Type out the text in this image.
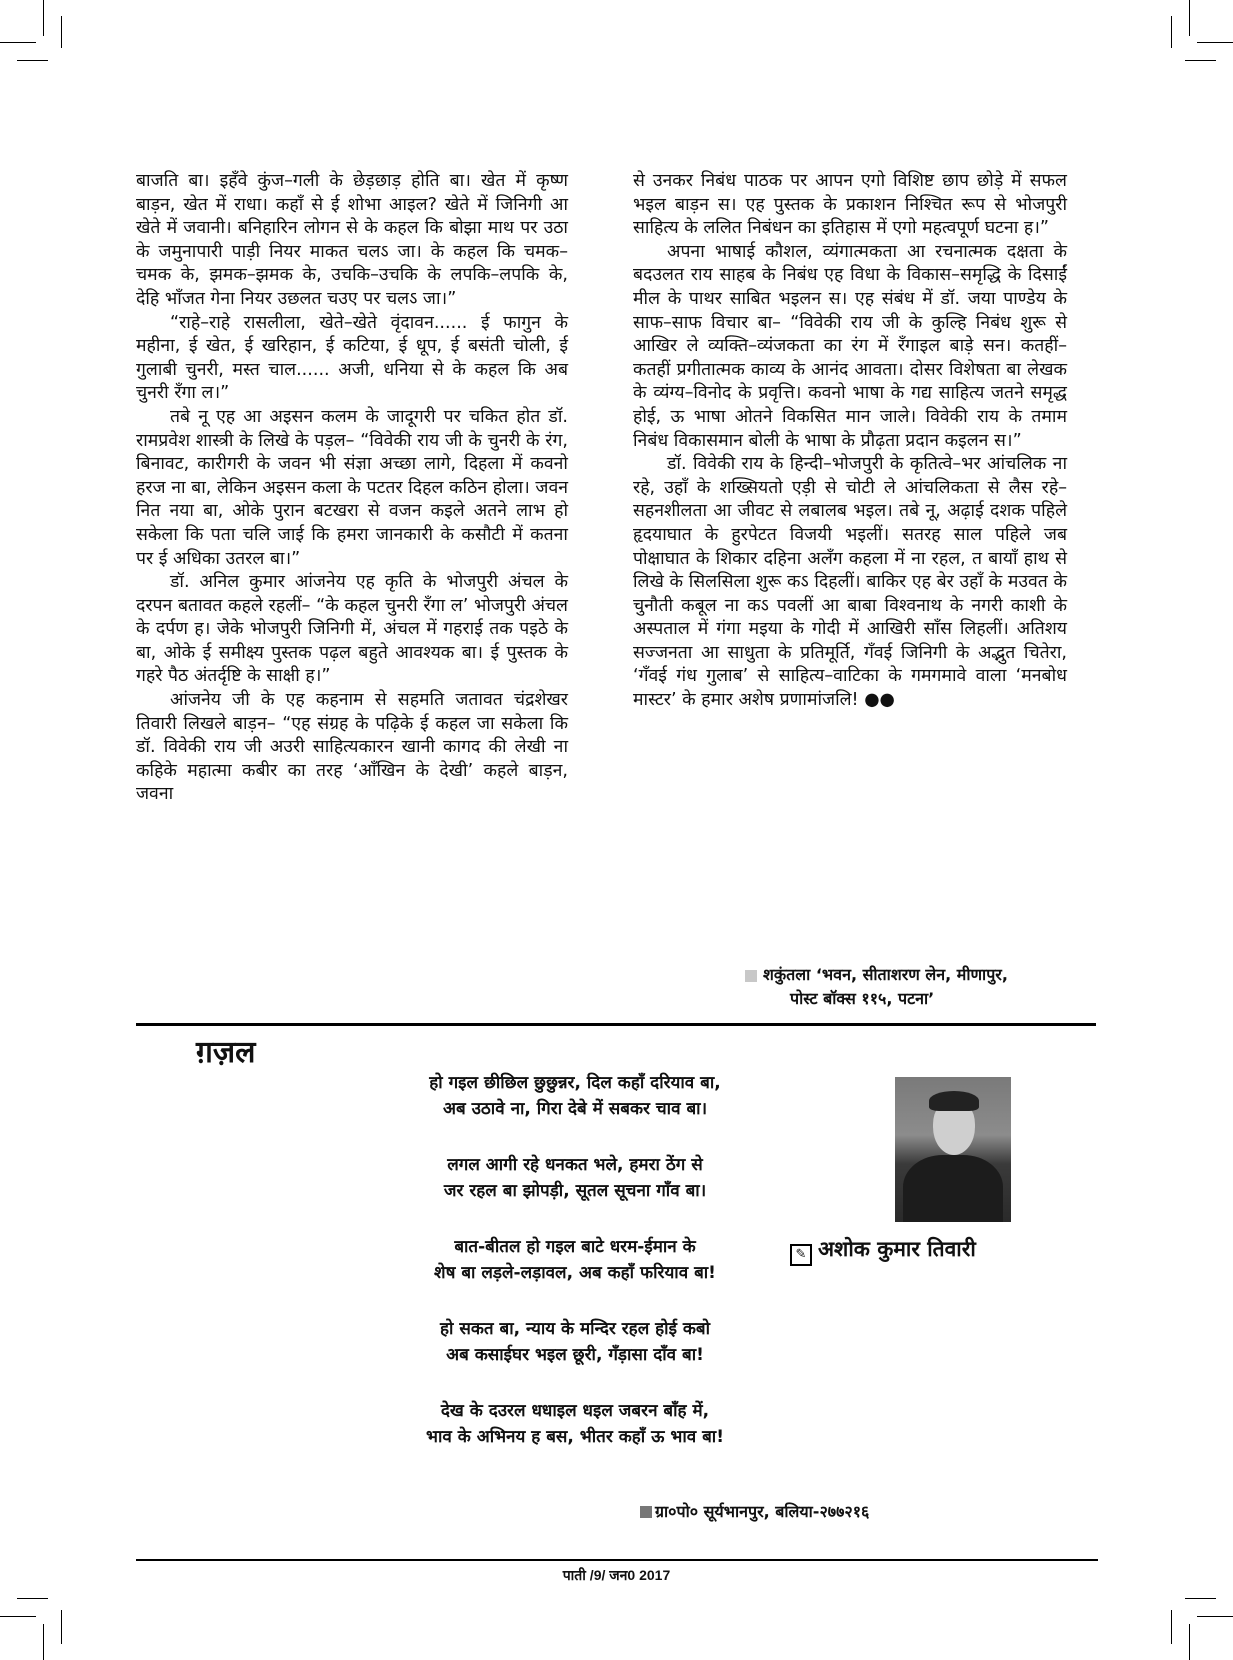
बाजति बा। इहँवे कुंज–गली के छेड़छाड़ होति बा। खेत में कृष्ण बाड़न, खेत में राधा। कहाँ से ई शोभा आइल? खेते में जिनिगी आ खेते में जवानी। बनिहारिन लोगन से के कहल कि बोझा माथ पर उठा के जमुनापारी पाड़ी नियर माकत चलऽ जा। के कहल कि चमक–चमक के, झमक–झमक के, उचकि–उचकि के लपकि–लपकि के, देहि भाँजत गेना नियर उछलत चउए पर चलऽ जा।”

“राहे–राहे रासलीला, खेते–खेते वृंदावन...... ई फागुन के महीना, ई खेत, ई खरिहान, ई कटिया, ई धूप, ई बसंती चोली, ई गुलाबी चुनरी, मस्त चाल...... अजी, धनिया से के कहल कि अब चुनरी रँगा ल।”

तबे नू एह आ अइसन कलम के जादूगरी पर चकित होत डॉ. रामप्रवेश शास्त्री के लिखे के पड़ल– “विवेकी राय जी के चुनरी के रंग, बिनावट, कारीगरी के जवन भी संज्ञा अच्छा लागे, दिहला में कवनो हरज ना बा, लेकिन अइसन कला के पटतर दिहल कठिन होला। जवन नित नया बा, ओके पुरान बटखरा से वजन कइले अतने लाभ हो सकेला कि पता चलि जाई कि हमरा जानकारी के कसौटी में कतना पर ई अधिका उतरल बा।”

डॉ. अनिल कुमार आंजनेय एह कृति के भोजपुरी अंचल के दरपन बतावत कहले रहलीं– “के कहल चुनरी रँगा ल’ भोजपुरी अंचल के दर्पण ह। जेके भोजपुरी जिनिगी में, अंचल में गहराई तक पइठे के बा, ओके ई समीक्ष्य पुस्तक पढ़ल बहुते आवश्यक बा। ई पुस्तक के गहरे पैठ अंतर्दृष्टि के साक्षी ह।”

आंजनेय जी के एह कहनाम से सहमति जतावत चंद्रशेखर तिवारी लिखले बाड़न– “एह संग्रह के पढ़िके ई कहल जा सकेला कि डॉ. विवेकी राय जी अउरी साहित्यकारन खानी कागद की लेखी ना कहिके महात्मा कबीर का तरह ‘आँखिन के देखी’ कहले बाड़न, जवना

से उनकर निबंध पाठक पर आपन एगो विशिष्ट छाप छोड़े में सफल भइल बाड़न स। एह पुस्तक के प्रकाशन निश्चित रूप से भोजपुरी साहित्य के ललित निबंधन का इतिहास में एगो महत्वपूर्ण घटना ह।”

अपना भाषाई कौशल, व्यंगात्मकता आ रचनात्मक दक्षता के बदउलत राय साहब के निबंध एह विधा के विकास–समृद्धि के दिसाईं मील के पाथर साबित भइलन स। एह संबंध में डॉ. जया पाण्डेय के साफ–साफ विचार बा– “विवेकी राय जी के कुल्हि निबंध शुरू से आखिर ले व्यक्ति–व्यंजकता का रंग में रँगाइल बाड़े सन। कतहीं–कतहीं प्रगीतात्मक काव्य के आनंद आवता। दोसर विशेषता बा लेखक के व्यंग्य–विनोद के प्रवृत्ति। कवनो भाषा के गद्य साहित्य जतने समृद्ध होई, ऊ भाषा ओतने विकसित मान जाले। विवेकी राय के तमाम निबंध विकासमान बोली के भाषा के प्रौढ़ता प्रदान कइलन स।”

डॉ. विवेकी राय के हिन्दी–भोजपुरी के कृतित्वे–भर आंचलिक ना रहे, उहाँ के शख्सियतो एड़ी से चोटी ले आंचलिकता से लैस रहे– सहनशीलता आ जीवट से लबालब भइल। तबे नू, अढ़ाई दशक पहिले हृदयाघात के हुरपेटत विजयी भइलीं। सतरह साल पहिले जब पोक्षाघात के शिकार दहिना अलँग कहला में ना रहल, त बायाँ हाथ से लिखे के सिलसिला शुरू कऽ दिहलीं। बाकिर एह बेर उहाँ के मउवत के चुनौती कबूल ना कऽ पवलीं आ बाबा विश्वनाथ के नगरी काशी के अस्पताल में गंगा मइया के गोदी में आखिरी साँस लिहलीं। अतिशय सज्जनता आ साधुता के प्रतिमूर्ति, गँवई जिनिगी के अद्भुत चितेरा, ‘गँवई गंध गुलाब’ से साहित्य–वाटिका के गमगमावे वाला ‘मनबोध मास्टर’ के हमार अशेष प्रणामांजलि! ●●

शकुंतला ‘भवन, सीताशरण लेन, मीणापुर,
पोस्ट बॉक्स ११५, पटना’
ग़ज़ल
हो गइल छीछिल छुछुन्नर, दिल कहाँ दरियाव बा,
अब उठावे ना, गिरा देबे में सबकर चाव बा।
लगल आगी रहे धनकत भले, हमरा ठेंग से
जर रहल बा झोपड़ी, सूतल सूचना गाँव बा।
बात-बीतल हो गइल बाटे धरम-ईमान के
शेष बा लड़ले-लड़ावल, अब कहाँ फरियाव बा!
हो सकत बा, न्याय के मन्दिर रहल होई कबो
अब कसाईघर भइल छूरी, गँड़ासा दाँव बा!
देख के दउरल धधाइल धइल जबरन बाँह में,
भाव के अभिनय ह बस, भीतर कहाँ ऊ भाव बा!
✎ अशोक कुमार तिवारी
ग्रा०पो० सूर्यभानपुर, बलिया-२७७२१६
पाती /9/ जन0 2017
